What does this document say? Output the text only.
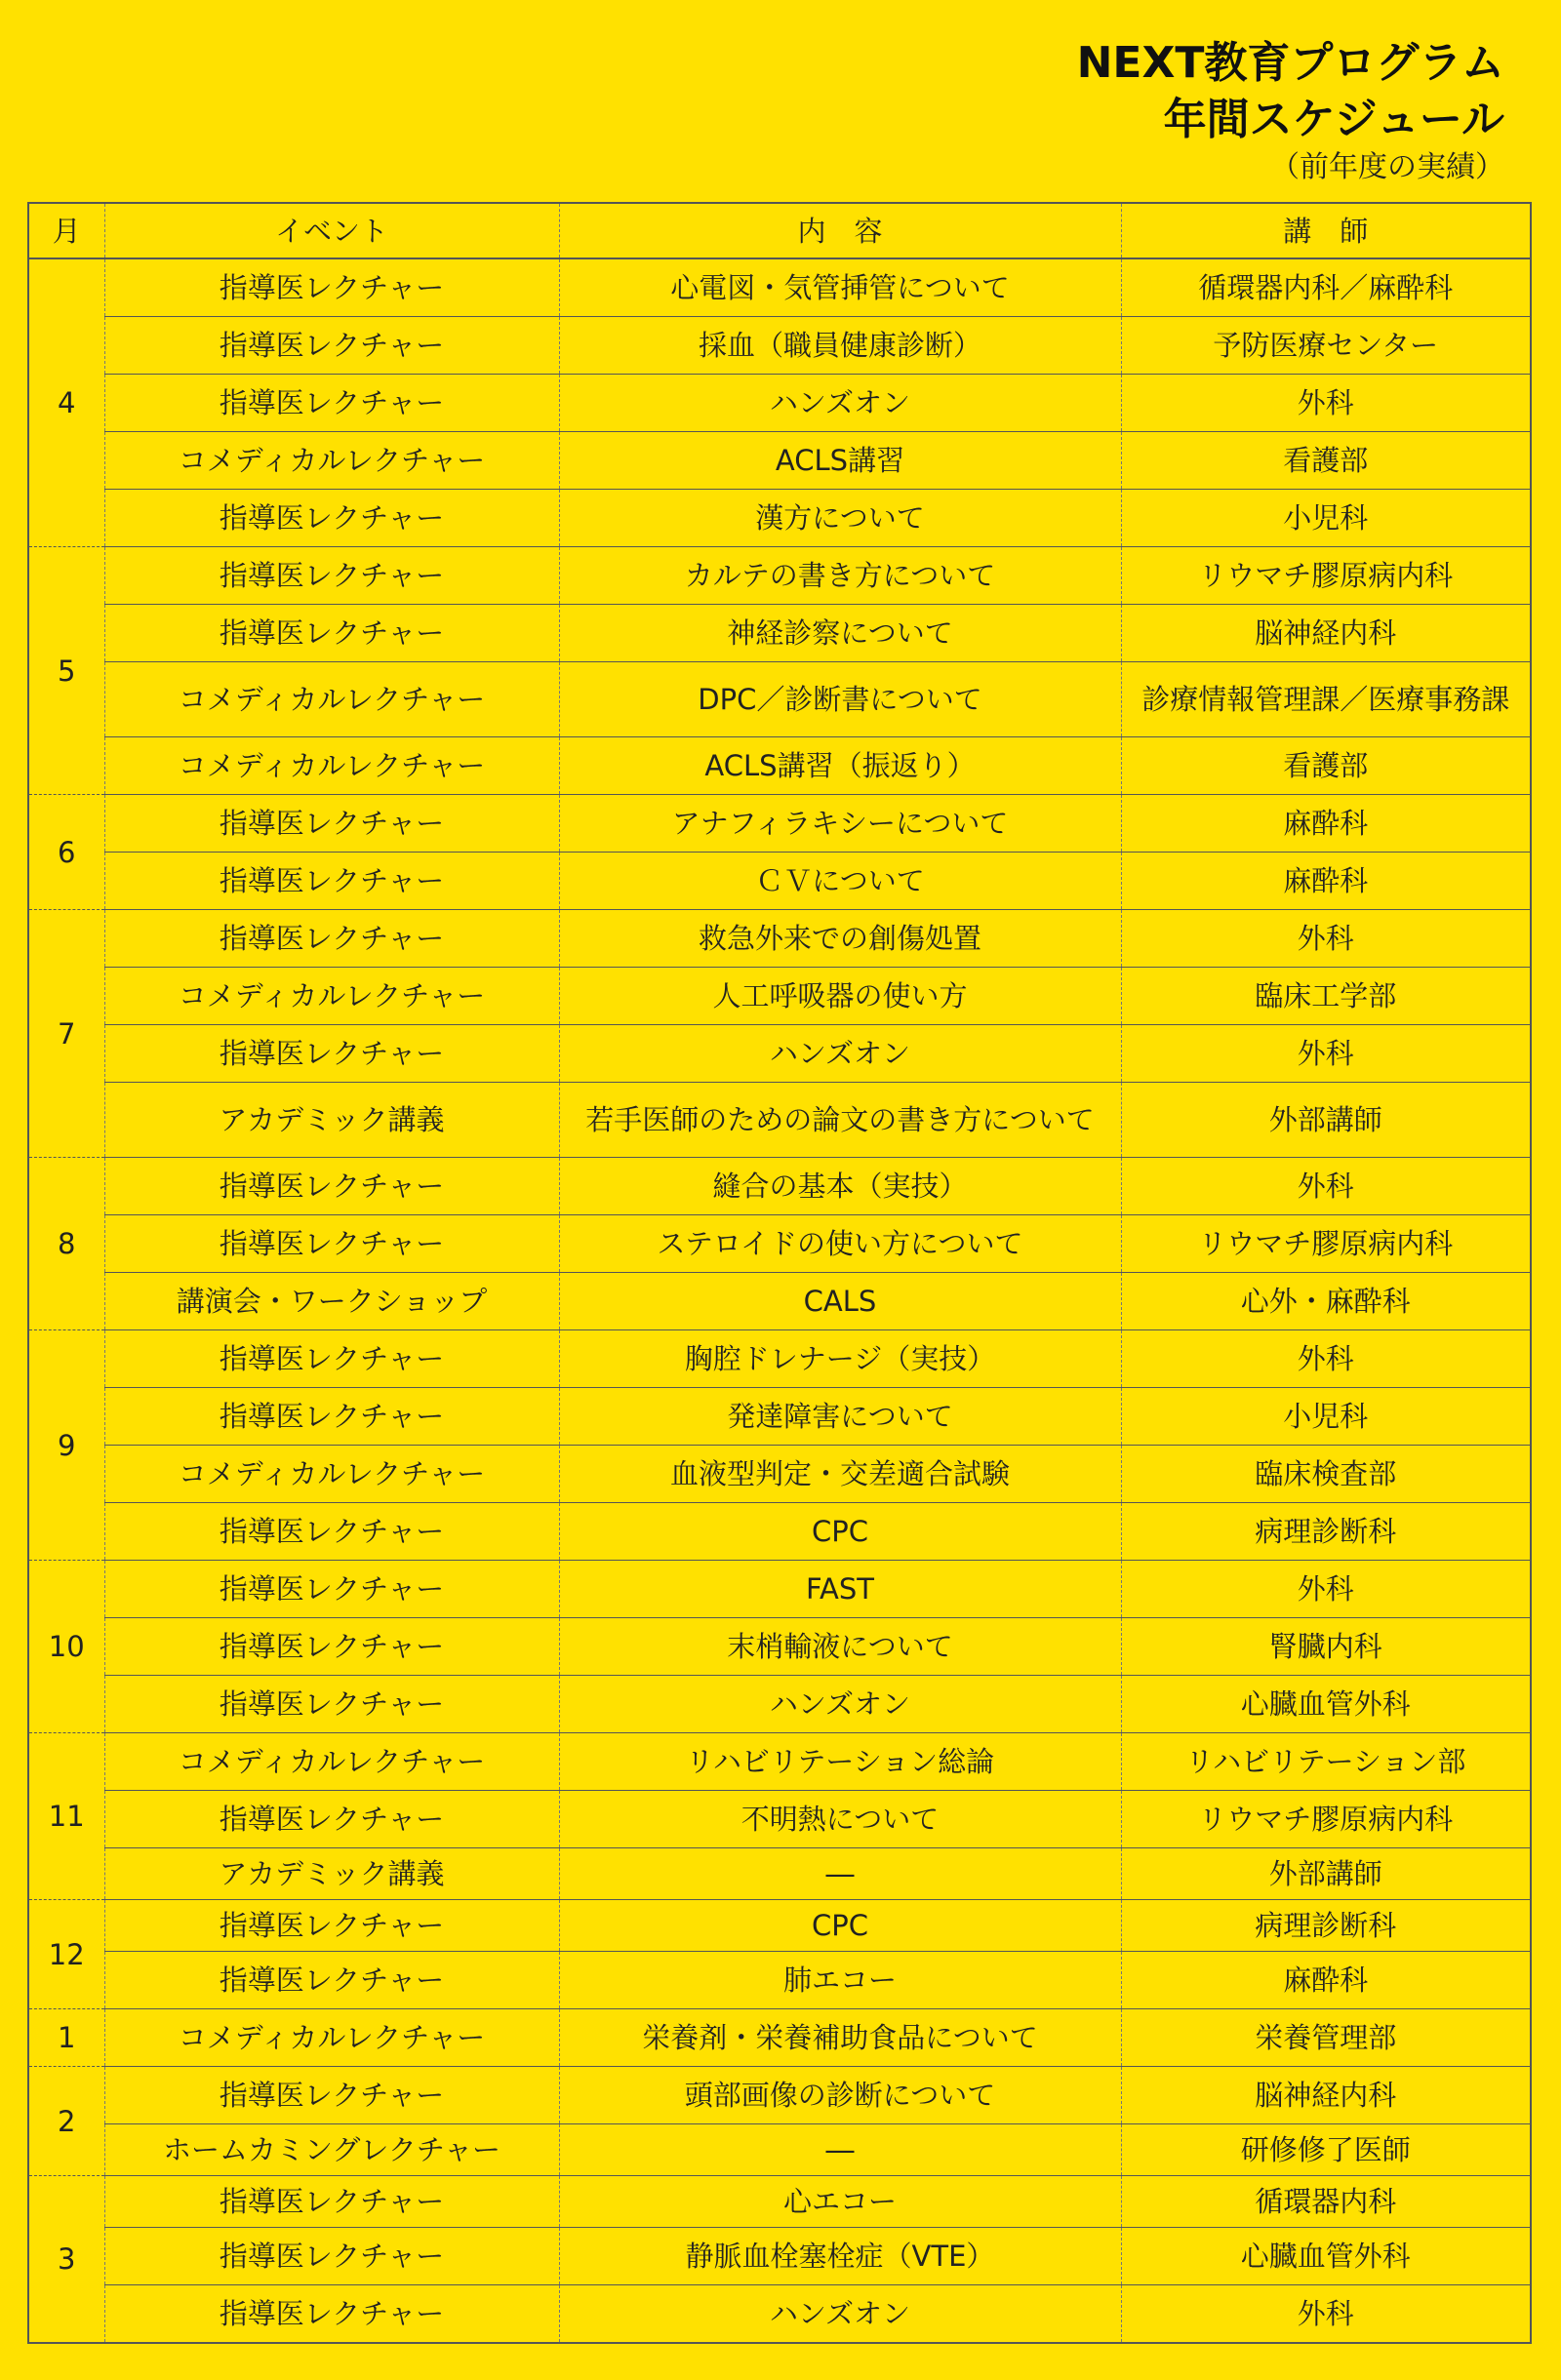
NEXT教育プログラム
年間スケジュール
（前年度の実績）
月	イベント	内　容	講　師
4	指導医レクチャー	心電図・気管挿管について	循環器内科／麻酔科
	指導医レクチャー	採血（職員健康診断）	予防医療センター
	指導医レクチャー	ハンズオン	外科
	コメディカルレクチャー	ACLS講習	看護部
	指導医レクチャー	漢方について	小児科
5	指導医レクチャー	カルテの書き方について	リウマチ膠原病内科
	指導医レクチャー	神経診察について	脳神経内科
	コメディカルレクチャー	DPC／診断書について	診療情報管理課／医療事務課
	コメディカルレクチャー	ACLS講習（振返り）	看護部
6	指導医レクチャー	アナフィラキシーについて	麻酔科
	指導医レクチャー	ＣＶについて	麻酔科
7	指導医レクチャー	救急外来での創傷処置	外科
	コメディカルレクチャー	人工呼吸器の使い方	臨床工学部
	指導医レクチャー	ハンズオン	外科
	アカデミック講義	若手医師のための論文の書き方について	外部講師
8	指導医レクチャー	縫合の基本（実技）	外科
	指導医レクチャー	ステロイドの使い方について	リウマチ膠原病内科
	講演会・ワークショップ	CALS	心外・麻酔科
9	指導医レクチャー	胸腔ドレナージ（実技）	外科
	指導医レクチャー	発達障害について	小児科
	コメディカルレクチャー	血液型判定・交差適合試験	臨床検査部
	指導医レクチャー	CPC	病理診断科
10	指導医レクチャー	FAST	外科
	指導医レクチャー	末梢輸液について	腎臓内科
	指導医レクチャー	ハンズオン	心臓血管外科
11	コメディカルレクチャー	リハビリテーション総論	リハビリテーション部
	指導医レクチャー	不明熱について	リウマチ膠原病内科
	アカデミック講義	―	外部講師
12	指導医レクチャー	CPC	病理診断科
	指導医レクチャー	肺エコー	麻酔科
1	コメディカルレクチャー	栄養剤・栄養補助食品について	栄養管理部
2	指導医レクチャー	頭部画像の診断について	脳神経内科
	ホームカミングレクチャー	―	研修修了医師
3	指導医レクチャー	心エコー	循環器内科
	指導医レクチャー	静脈血栓塞栓症（VTE）	心臓血管外科
	指導医レクチャー	ハンズオン	外科
